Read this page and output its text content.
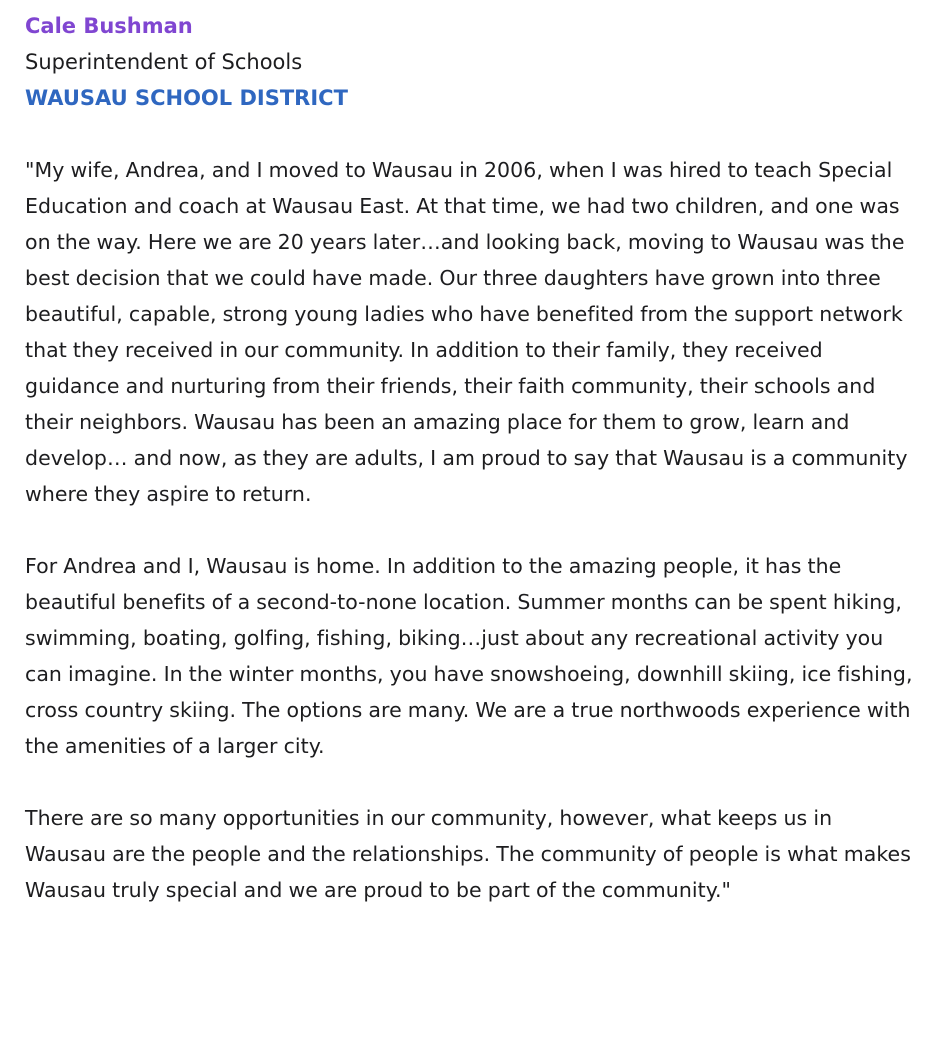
Cale Bushman

Superintendent of Schools

WAUSAU SCHOOL DISTRICT

"My wife, Andrea, and I moved to Wausau in 2006, when I was hired to teach Special Education and coach at Wausau East. At that time, we had two children, and one was on the way. Here we are 20 years later…and looking back, moving to Wausau was the best decision that we could have made. Our three daughters have grown into three beautiful, capable, strong young ladies who have benefited from the support network that they received in our community. In addition to their family, they received guidance and nurturing from their friends, their faith community, their schools and their neighbors. Wausau has been an amazing place for them to grow, learn and develop… and now, as they are adults, I am proud to say that Wausau is a community where they aspire to return.

For Andrea and I, Wausau is home. In addition to the amazing people, it has the beautiful benefits of a second-to-none location. Summer months can be spent hiking, swimming, boating, golfing, fishing, biking…just about any recreational activity you can imagine. In the winter months, you have snowshoeing, downhill skiing, ice fishing, cross country skiing. The options are many. We are a true northwoods experience with the amenities of a larger city.

There are so many opportunities in our community, however, what keeps us in Wausau are the people and the relationships. The community of people is what makes Wausau truly special and we are proud to be part of the community."
